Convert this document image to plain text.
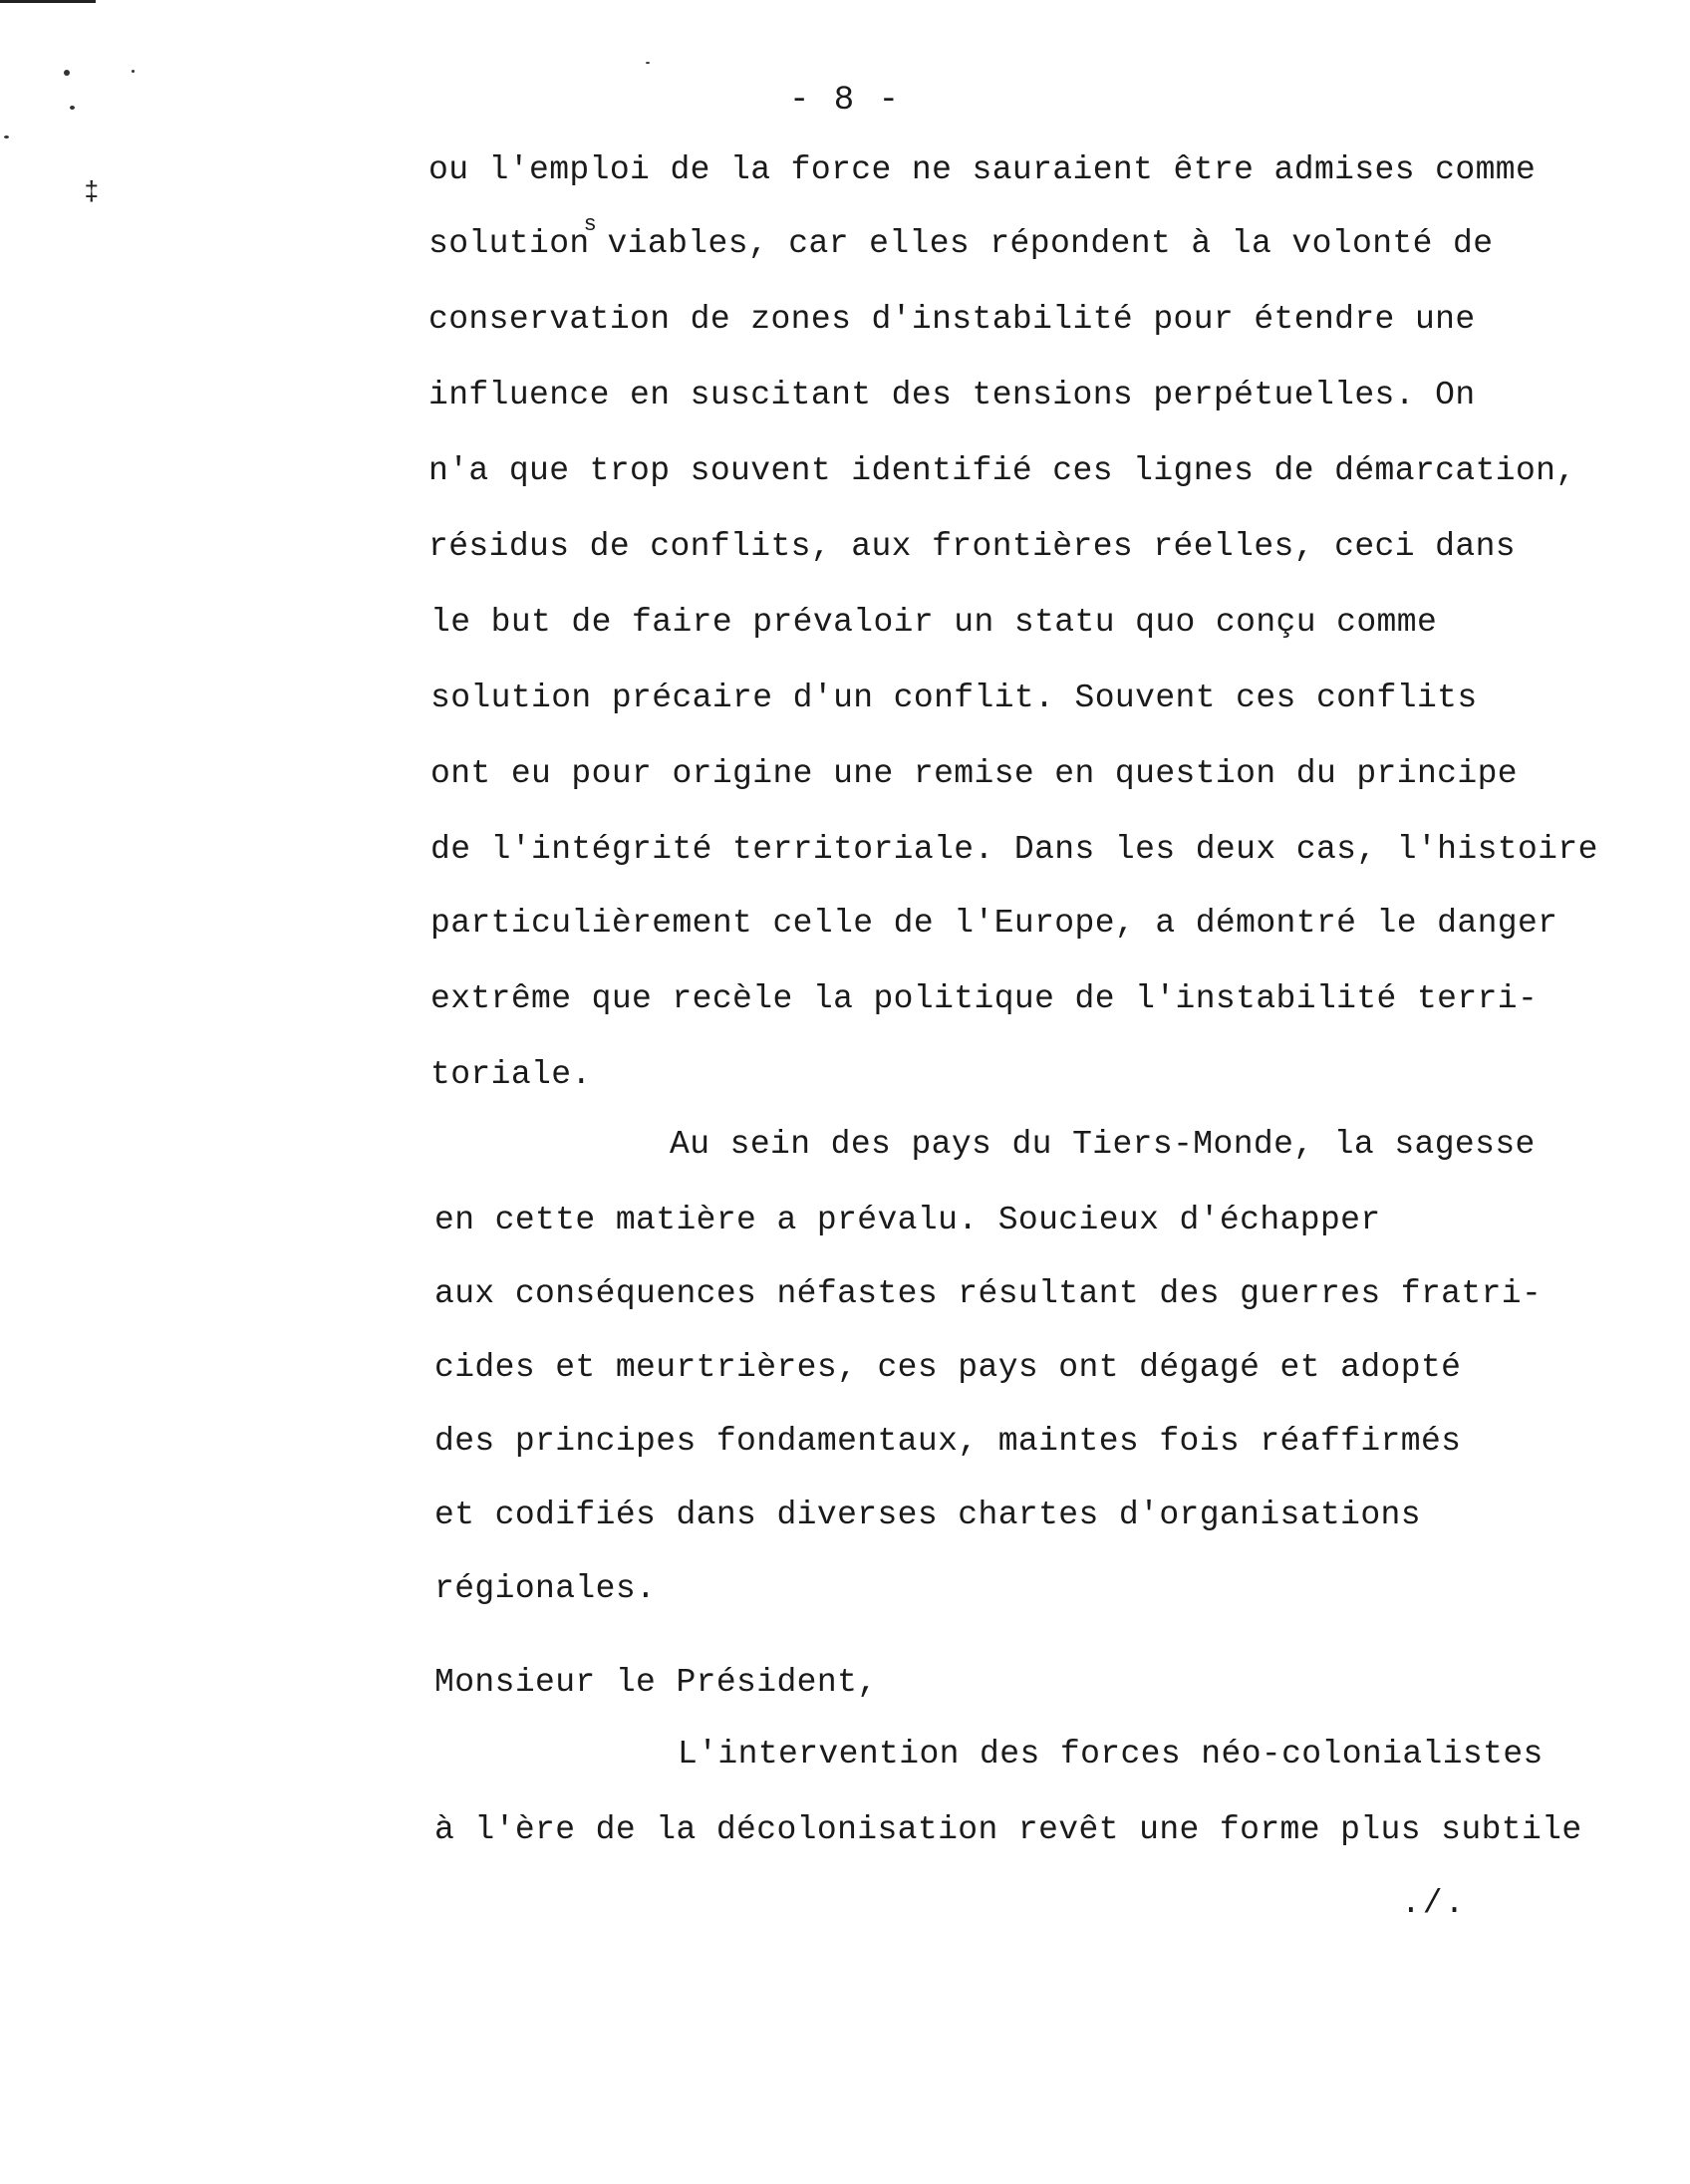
‡
- 8 -
ou l'emploi de la force ne sauraient être admises comme
solution$^s$ viables, car elles répondent à la volonté de
conservation de zones d'instabilité pour étendre une
influence en suscitant des tensions perpétuelles. On
n'a que trop souvent identifié ces lignes de démarcation,
résidus de conflits, aux frontières réelles, ceci dans
le but de faire prévaloir un statu quo conçu comme
solution précaire d'un conflit. Souvent ces conflits
ont eu pour origine une remise en question du principe
de l'intégrité territoriale. Dans les deux cas, l'histoire
particulièrement celle de l'Europe, a démontré le danger
extrême que recèle la politique de l'instabilité terri-
toriale.
Au sein des pays du Tiers-Monde, la sagesse
en cette matière a prévalu. Soucieux d'échapper
aux conséquences néfastes résultant des guerres fratri-
cides et meurtrières, ces pays ont dégagé et adopté
des principes fondamentaux, maintes fois réaffirmés
et codifiés dans diverses chartes d'organisations
régionales.
Monsieur le Président,
L'intervention des forces néo-colonialistes
à l'ère de la décolonisation revêt une forme plus subtile
./.
